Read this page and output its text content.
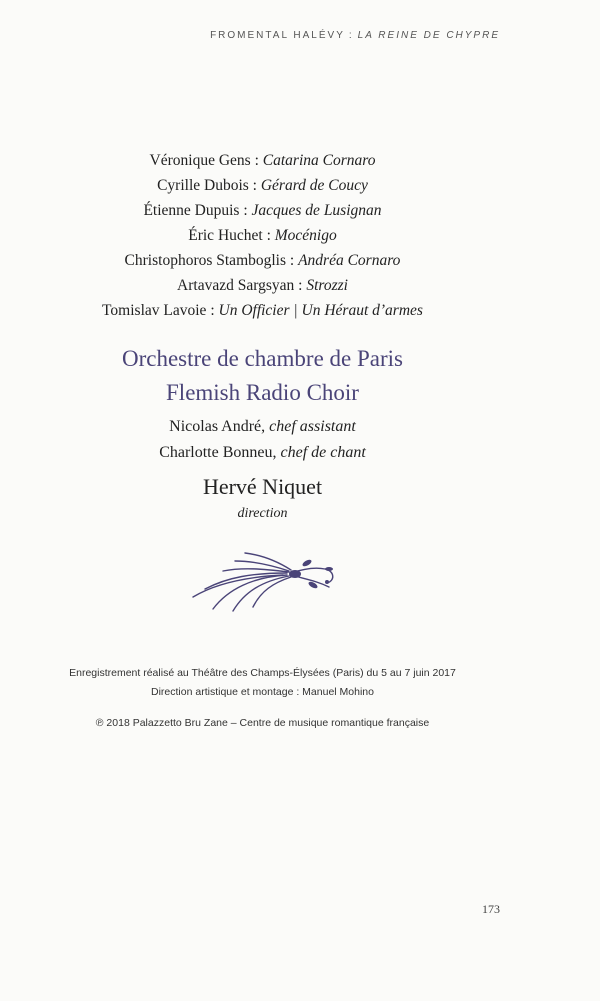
FROMENTAL HALÉVY : LA REINE DE CHYPRE
Véronique Gens : Catarina Cornaro
Cyrille Dubois : Gérard de Coucy
Étienne Dupuis : Jacques de Lusignan
Éric Huchet : Mocénigo
Christophoros Stamboglis : Andréa Cornaro
Artavazd Sargsyan : Strozzi
Tomislav Lavoie : Un Officier | Un Héraut d’armes
Orchestre de chambre de Paris
Flemish Radio Choir
Nicolas André, chef assistant
Charlotte Bonneu, chef de chant
Hervé Niquet
direction
Enregistrement réalisé au Théâtre des Champs-Élysées (Paris) du 5 au 7 juin 2017
Direction artistique et montage : Manuel Mohino
℗ 2018 Palazzetto Bru Zane – Centre de musique romantique française
173
